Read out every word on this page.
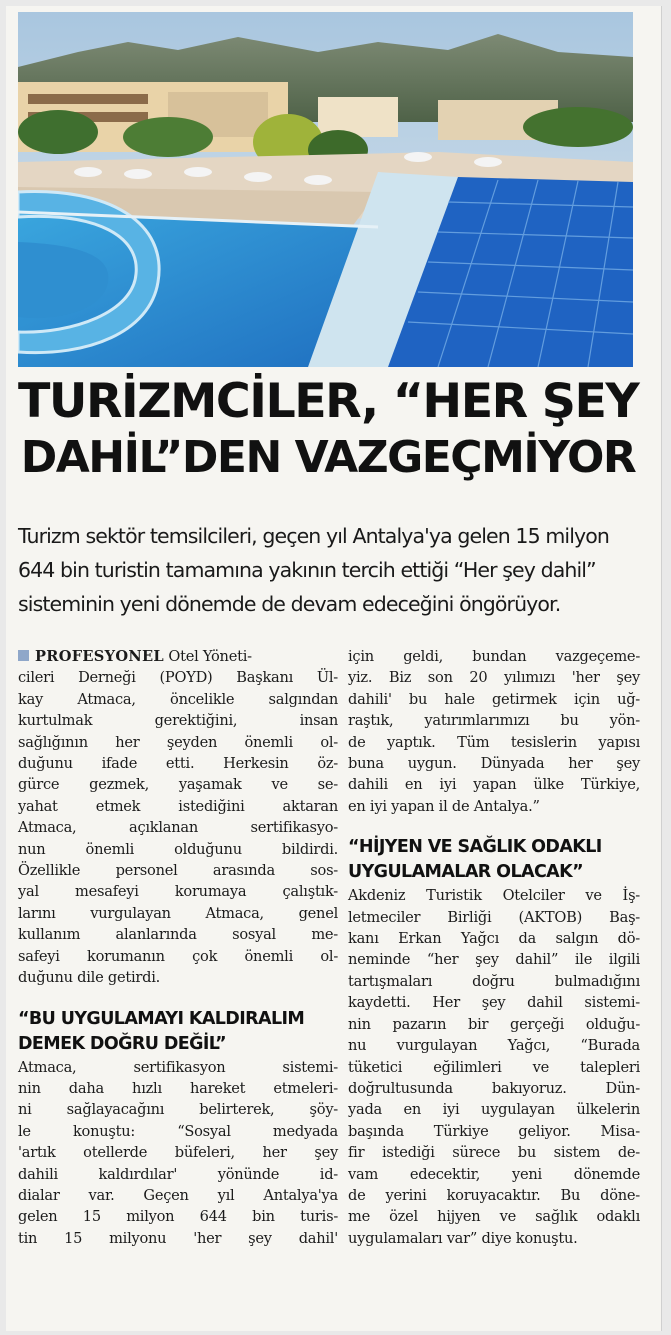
TURİZMCİLER, “HER ŞEY
DAHİL”DEN VAZGEÇMİYOR
Turizm sektör temsilcileri, geçen yıl Antalya'ya gelen 15 milyon
644 bin turistin tamamına yakının tercih ettiği “Her şey dahil”
sisteminin yeni dönemde de devam edeceğini öngörüyor.
PROFESYONEL Otel Yöneti-
cileri Derneği (POYD) Başkanı Ül-
kay Atmaca, öncelikle salgından
kurtulmak gerektiğini, insan
sağlığının her şeyden önemli ol-
duğunu ifade etti. Herkesin öz-
gürce gezmek, yaşamak ve se-
yahat etmek istediğini aktaran
Atmaca, açıklanan sertifikasyo-
nun önemli olduğunu bildirdi.
Özellikle personel arasında sos-
yal mesafeyi korumaya çalıştık-
larını vurgulayan Atmaca, genel
kullanım alanlarında sosyal me-
safeyi korumanın çok önemli ol-
duğunu dile getirdi.
“BU UYGULAMAYI KALDIRALIM
DEMEK DOĞRU DEĞİL”
Atmaca, sertifikasyon sistemi-
nin daha hızlı hareket etmeleri-
ni sağlayacağını belirterek, şöy-
le konuştu: “Sosyal medyada
'artık otellerde büfeleri, her şey
dahili kaldırdılar' yönünde id-
dialar var. Geçen yıl Antalya'ya
gelen 15 milyon 644 bin turis-
tin 15 milyonu 'her şey dahil'
için geldi, bundan vazgeçeme-
yiz. Biz son 20 yılımızı 'her şey
dahili' bu hale getirmek için uğ-
raştık, yatırımlarımızı bu yön-
de yaptık. Tüm tesislerin yapısı
buna uygun. Dünyada her şey
dahili en iyi yapan ülke Türkiye,
en iyi yapan il de Antalya.”
“HİJYEN VE SAĞLIK ODAKLI
UYGULAMALAR OLACAK”
Akdeniz Turistik Otelciler ve İş-
letmeciler Birliği (AKTOB) Baş-
kanı Erkan Yağcı da salgın dö-
neminde “her şey dahil” ile ilgili
tartışmaları doğru bulmadığını
kaydetti. Her şey dahil sistemi-
nin pazarın bir gerçeği olduğu-
nu vurgulayan Yağcı, “Burada
tüketici eğilimleri ve talepleri
doğrultusunda bakıyoruz. Dün-
yada en iyi uygulayan ülkelerin
başında Türkiye geliyor. Misa-
fir istediği sürece bu sistem de-
vam edecektir, yeni dönemde
de yerini koruyacaktır. Bu döne-
me özel hijyen ve sağlık odaklı
uygulamaları var” diye konuştu.
